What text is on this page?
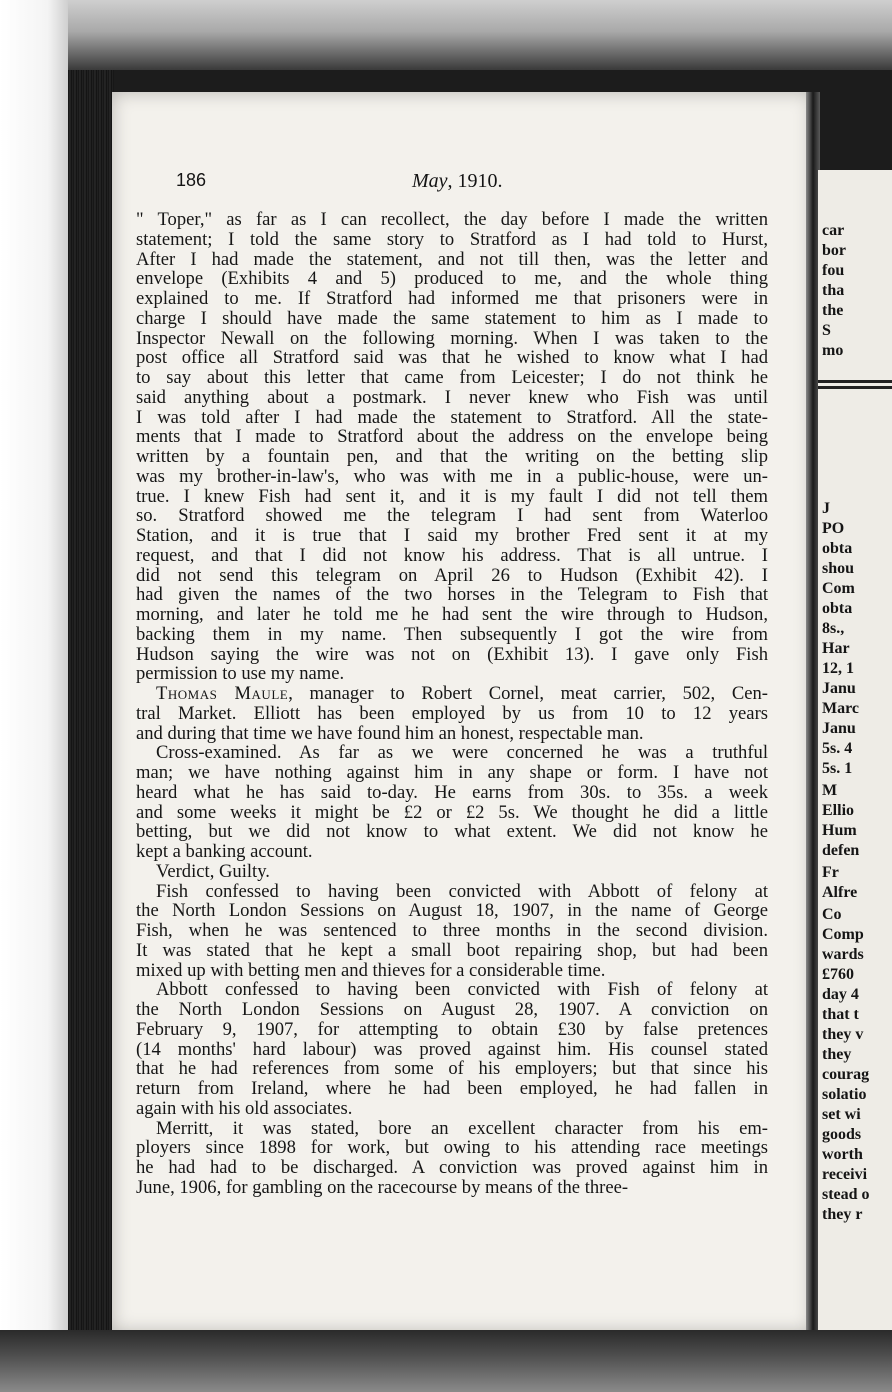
car
bor
fou
tha
the
S
mo
J
PO
obta
shou
Com
obta
8s.,
Har
12, 1
Janu
Marc
Janu
5s. 4
5s. 1
M
Ellio
Hum
defen
Fr
Alfre
Co
Comp
wards
£760
day 4
that t
they v
they
courag
solatio
set wi
goods
worth
receivi
stead o
they r
186	May, 1910.
" Toper," as far as I can recollect, the day before I made the written
statement; I told the same story to Stratford as I had told to Hurst,
After I had made the statement, and not till then, was the letter and
envelope (Exhibits 4 and 5) produced to me, and the whole thing
explained to me. If Stratford had informed me that prisoners were in
charge I should have made the same statement to him as I made to
Inspector Newall on the following morning. When I was taken to the
post office all Stratford said was that he wished to know what I had
to say about this letter that came from Leicester; I do not think he
said anything about a postmark. I never knew who Fish was until
I was told after I had made the statement to Stratford. All the state-
ments that I made to Stratford about the address on the envelope being
written by a fountain pen, and that the writing on the betting slip
was my brother-in-law's, who was with me in a public-house, were un-
true. I knew Fish had sent it, and it is my fault I did not tell them
so. Stratford showed me the telegram I had sent from Waterloo
Station, and it is true that I said my brother Fred sent it at my
request, and that I did not know his address. That is all untrue. I
did not send this telegram on April 26 to Hudson (Exhibit 42). I
had given the names of the two horses in the Telegram to Fish that
morning, and later he told me he had sent the wire through to Hudson,
backing them in my name. Then subsequently I got the wire from
Hudson saying the wire was not on (Exhibit 13). I gave only Fish
permission to use my name.
Thomas Maule, manager to Robert Cornel, meat carrier, 502, Cen-
tral Market. Elliott has been employed by us from 10 to 12 years
and during that time we have found him an honest, respectable man.
Cross-examined. As far as we were concerned he was a truthful
man; we have nothing against him in any shape or form. I have not
heard what he has said to-day. He earns from 30s. to 35s. a week
and some weeks it might be £2 or £2 5s. We thought he did a little
betting, but we did not know to what extent. We did not know he
kept a banking account.
Verdict, Guilty.
Fish confessed to having been convicted with Abbott of felony at
the North London Sessions on August 18, 1907, in the name of George
Fish, when he was sentenced to three months in the second division.
It was stated that he kept a small boot repairing shop, but had been
mixed up with betting men and thieves for a considerable time.
Abbott confessed to having been convicted with Fish of felony at
the North London Sessions on August 28, 1907. A conviction on
February 9, 1907, for attempting to obtain £30 by false pretences
(14 months' hard labour) was proved against him. His counsel stated
that he had references from some of his employers; but that since his
return from Ireland, where he had been employed, he had fallen in
again with his old associates.
Merritt, it was stated, bore an excellent character from his em-
ployers since 1898 for work, but owing to his attending race meetings
he had had to be discharged. A conviction was proved against him in
June, 1906, for gambling on the racecourse by means of the three-
